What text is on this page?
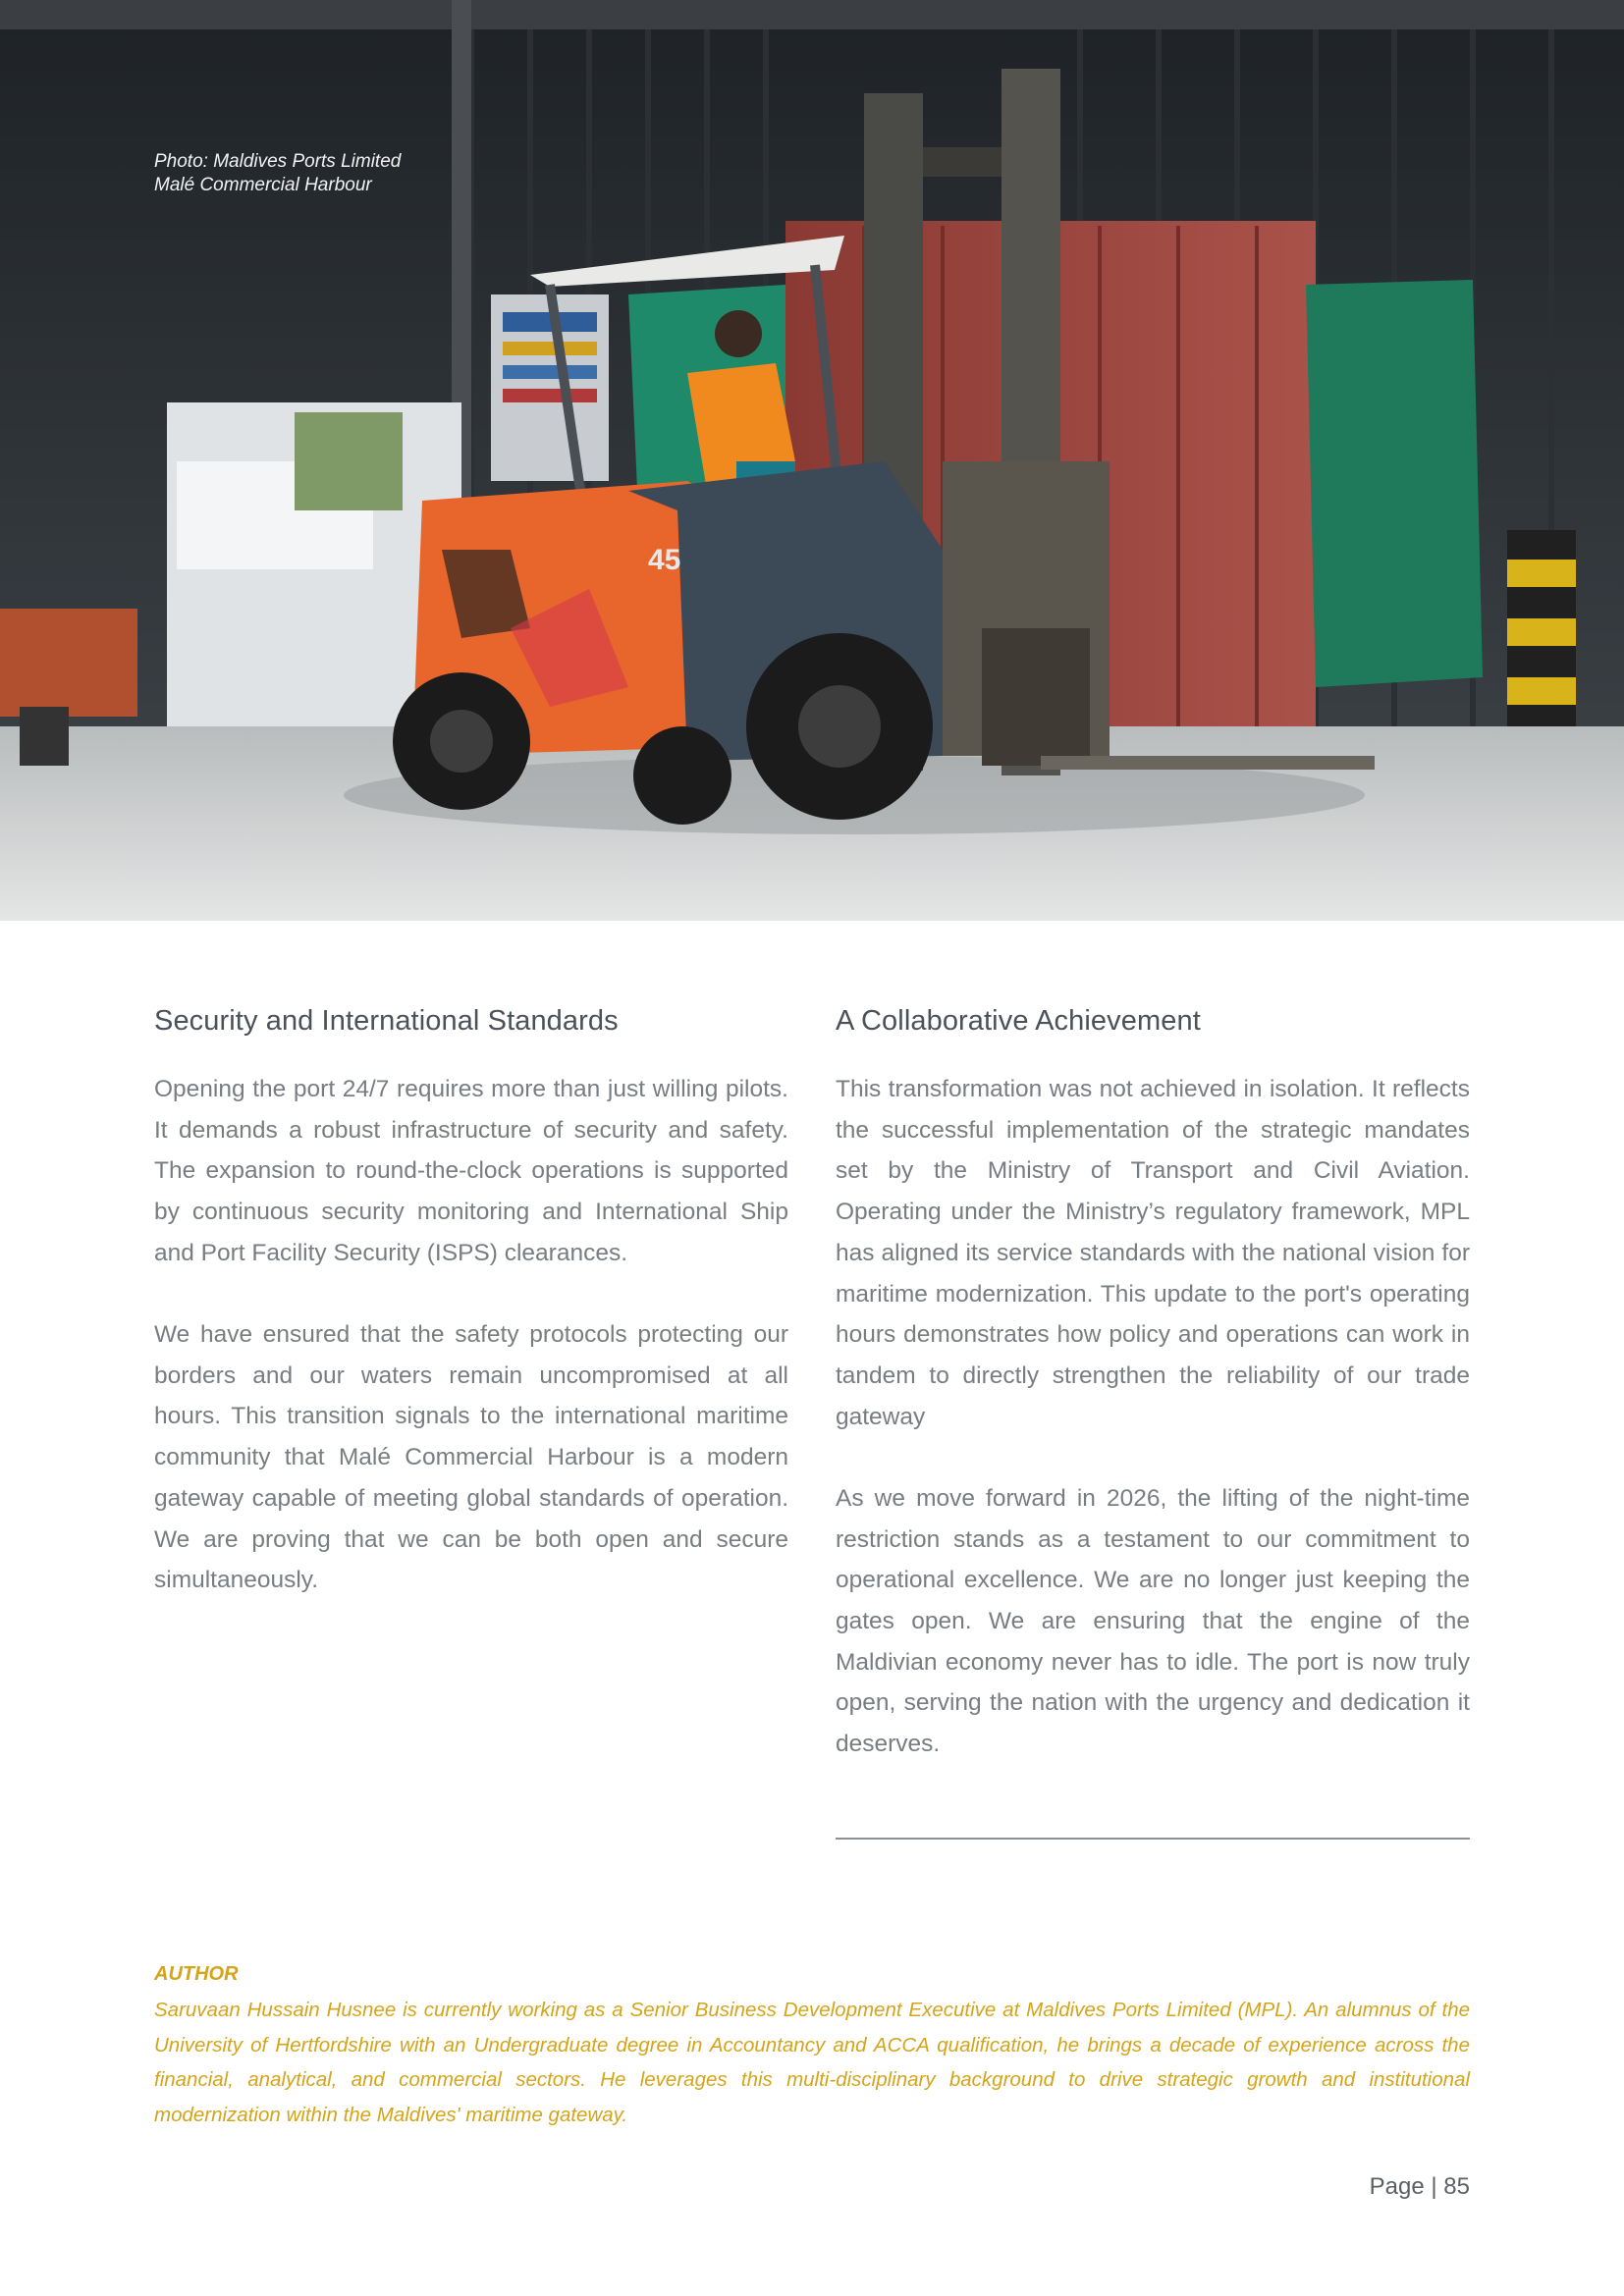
45
Photo: Maldives Ports Limited
Malé Commercial Harbour
Security and International Standards

Opening the port 24/7 requires more than just willing pilots. It demands a robust infrastructure of security and safety. The expansion to round-the-clock operations is supported by continuous security monitoring and International Ship and Port Facility Security (ISPS) clearances.

We have ensured that the safety protocols protecting our borders and our waters remain uncompromised at all hours. This transition signals to the international maritime community that Malé Commercial Harbour is a modern gateway capable of meeting global standards of operation. We are proving that we can be both open and secure simultaneously.

A Collaborative Achievement

This transformation was not achieved in isolation. It reflects the successful implementation of the strategic mandates set by the Ministry of Transport and Civil Aviation. Operating under the Ministry’s regulatory framework, MPL has aligned its service standards with the national vision for maritime modernization. This update to the port's operating hours demonstrates how policy and operations can work in tandem to directly strengthen the reliability of our trade gateway

As we move forward in 2026, the lifting of the night-time restriction stands as a testament to our commitment to operational excellence. We are no longer just keeping the gates open. We are ensuring that the engine of the Maldivian economy never has to idle. The port is now truly open, serving the nation with the urgency and dedication it deserves.

AUTHOR
Saruvaan Hussain Husnee is currently working as a Senior Business Development Executive at Maldives Ports Limited (MPL). An alumnus of the University of Hertfordshire with an Undergraduate degree in Accountancy and ACCA qualification, he brings a decade of experience across the financial, analytical, and commercial sectors. He leverages this multi-disciplinary background to drive strategic growth and institutional modernization within the Maldives' maritime gateway.
Page | 85
